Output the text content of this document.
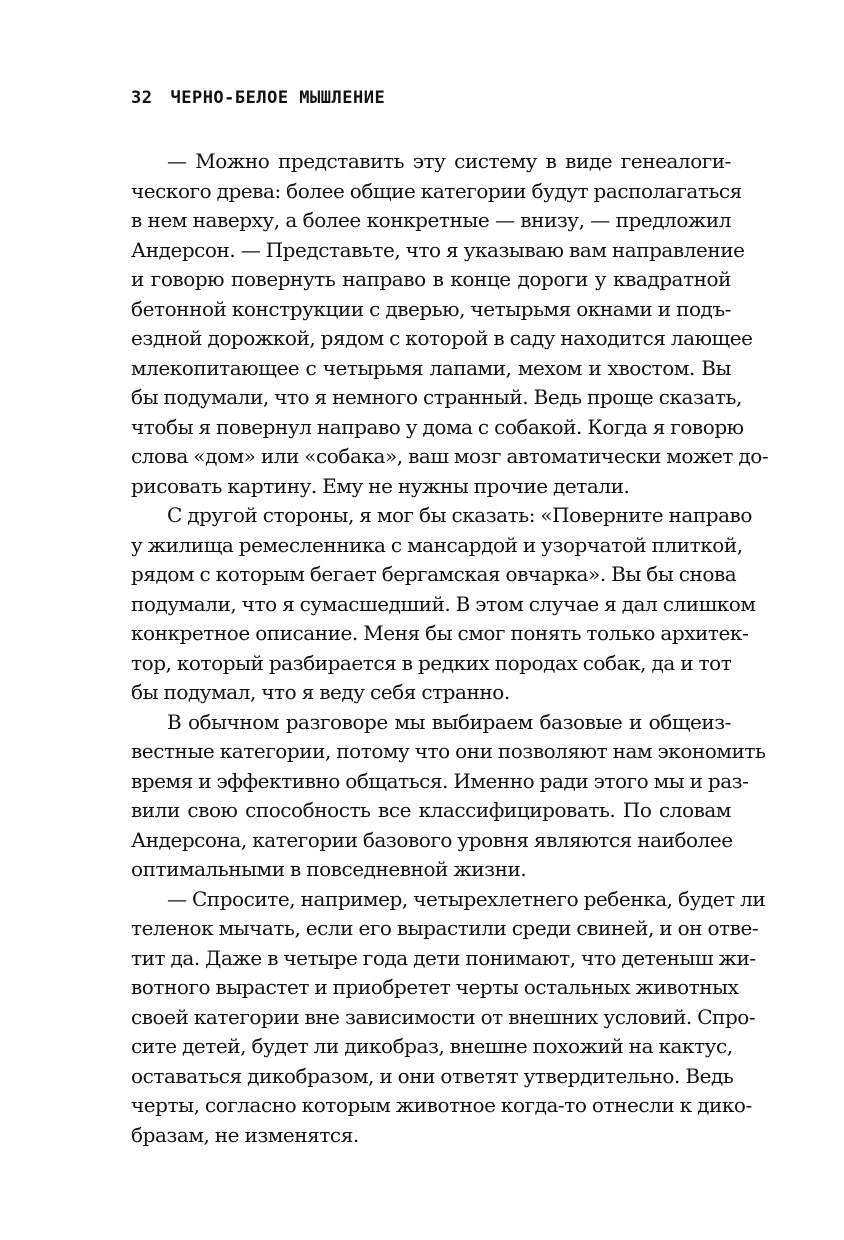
32 ЧЕРНО-БЕЛОЕ МЫШЛЕНИЕ
— Можно представить эту систему в виде генеалоги-
ческого древа: более общие категории будут располагаться
в нем наверху, а более конкретные — внизу, — предложил
Андерсон. — Представьте, что я указываю вам направление
и говорю повернуть направо в конце дороги у квадратной
бетонной конструкции с дверью, четырьмя окнами и подъ-
ездной дорожкой, рядом с которой в саду находится лающее
млекопитающее с четырьмя лапами, мехом и хвостом. Вы
бы подумали, что я немного странный. Ведь проще сказать,
чтобы я повернул направо у дома с собакой. Когда я говорю
слова «дом» или «собака», ваш мозг автоматически может до-
рисовать картину. Ему не нужны прочие детали.
С другой стороны, я мог бы сказать: «Поверните направо
у жилища ремесленника с мансардой и узорчатой плиткой,
рядом с которым бегает бергамская овчарка». Вы бы снова
подумали, что я сумасшедший. В этом случае я дал слишком
конкретное описание. Меня бы смог понять только архитек-
тор, который разбирается в редких породах собак, да и тот
бы подумал, что я веду себя странно.
В обычном разговоре мы выбираем базовые и общеиз-
вестные категории, потому что они позволяют нам экономить
время и эффективно общаться. Именно ради этого мы и раз-
вили свою способность все классифицировать. По словам
Андерсона, категории базового уровня являются наиболее
оптимальными в повседневной жизни.
— Спросите, например, четырехлетнего ребенка, будет ли
теленок мычать, если его вырастили среди свиней, и он отве-
тит да. Даже в четыре года дети понимают, что детеныш жи-
вотного вырастет и приобретет черты остальных животных
своей категории вне зависимости от внешних условий. Спро-
сите детей, будет ли дикобраз, внешне похожий на кактус,
оставаться дикобразом, и они ответят утвердительно. Ведь
черты, согласно которым животное когда-то отнесли к дико-
бразам, не изменятся.
